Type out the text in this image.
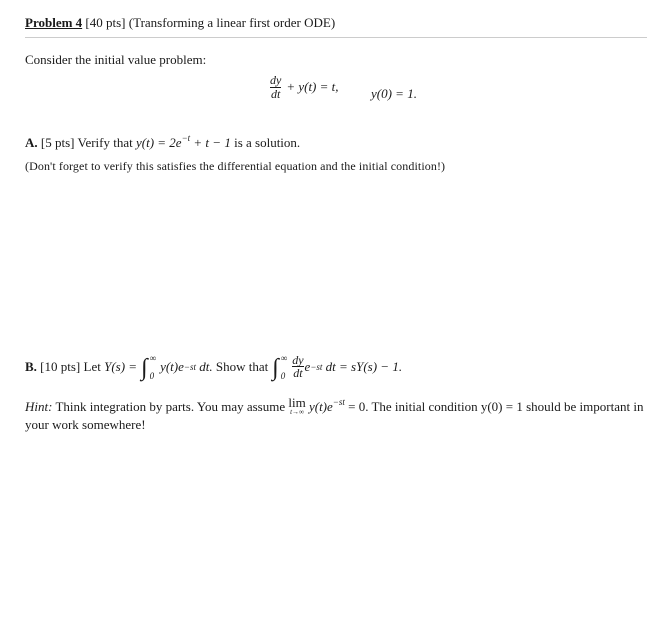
Problem 4 [40 pts] (Transforming a linear first order ODE)

Consider the initial value problem:

$\frac{dy}{dt} + y(t) = t$, y(0) = 1.

A. [5 pts] Verify that $y(t) = 2e^{-t} + t - 1$ is a solution.

(Don't forget to verify this satisfies the differential equation and the initial condition!)

B.
[10 pts]
Let
Y(s) = ∫ ∞
0
y(t)e −st
dt.
Show that ∫ ∞
$0 \frac{dy}{dt}$ e −st
dt = sY(s) − 1.

Hint: Think integration by parts. You may assume lim
t→∞ $y(t)e^{-st} = 0$. The initial condition y(0) = 1 should be important in your work somewhere!
